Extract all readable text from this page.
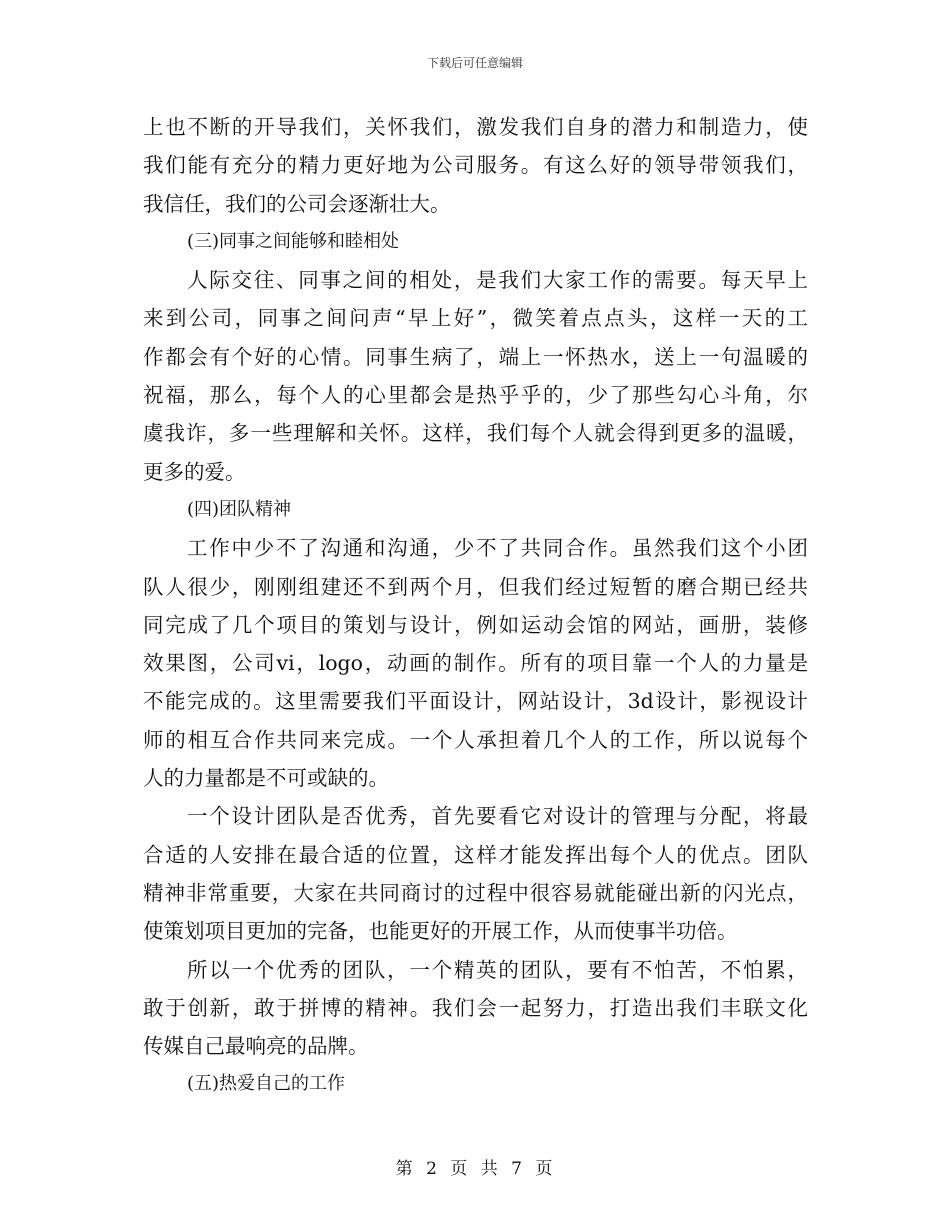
下载后可任意编辑
上也不断的开导我们，关怀我们，激发我们自身的潜力和制造力，使
我们能有充分的精力更好地为公司服务。有这么好的领导带领我们，
我信任，我们的公司会逐渐壮大。
(三)同事之间能够和睦相处
人际交往、同事之间的相处，是我们大家工作的需要。每天早上
来到公司，同事之间问声“早上好”，微笑着点点头，这样一天的工
作都会有个好的心情。同事生病了，端上一怀热水，送上一句温暖的
祝福，那么，每个人的心里都会是热乎乎的，少了那些勾心斗角，尔
虞我诈，多一些理解和关怀。这样，我们每个人就会得到更多的温暖，
更多的爱。
(四)团队精神
工作中少不了沟通和沟通，少不了共同合作。虽然我们这个小团
队人很少，刚刚组建还不到两个月，但我们经过短暂的磨合期已经共
同完成了几个项目的策划与设计，例如运动会馆的网站，画册，装修
效果图，公司vi，logo，动画的制作。所有的项目靠一个人的力量是
不能完成的。这里需要我们平面设计，网站设计，3d设计，影视设计
师的相互合作共同来完成。一个人承担着几个人的工作，所以说每个
人的力量都是不可或缺的。
一个设计团队是否优秀，首先要看它对设计的管理与分配，将最
合适的人安排在最合适的位置，这样才能发挥出每个人的优点。团队
精神非常重要，大家在共同商讨的过程中很容易就能碰出新的闪光点，
使策划项目更加的完备，也能更好的开展工作，从而使事半功倍。
所以一个优秀的团队，一个精英的团队，要有不怕苦，不怕累，
敢于创新，敢于拼博的精神。我们会一起努力，打造出我们丰联文化
传媒自己最响亮的品牌。
(五)热爱自己的工作
第 2 页 共 7 页
